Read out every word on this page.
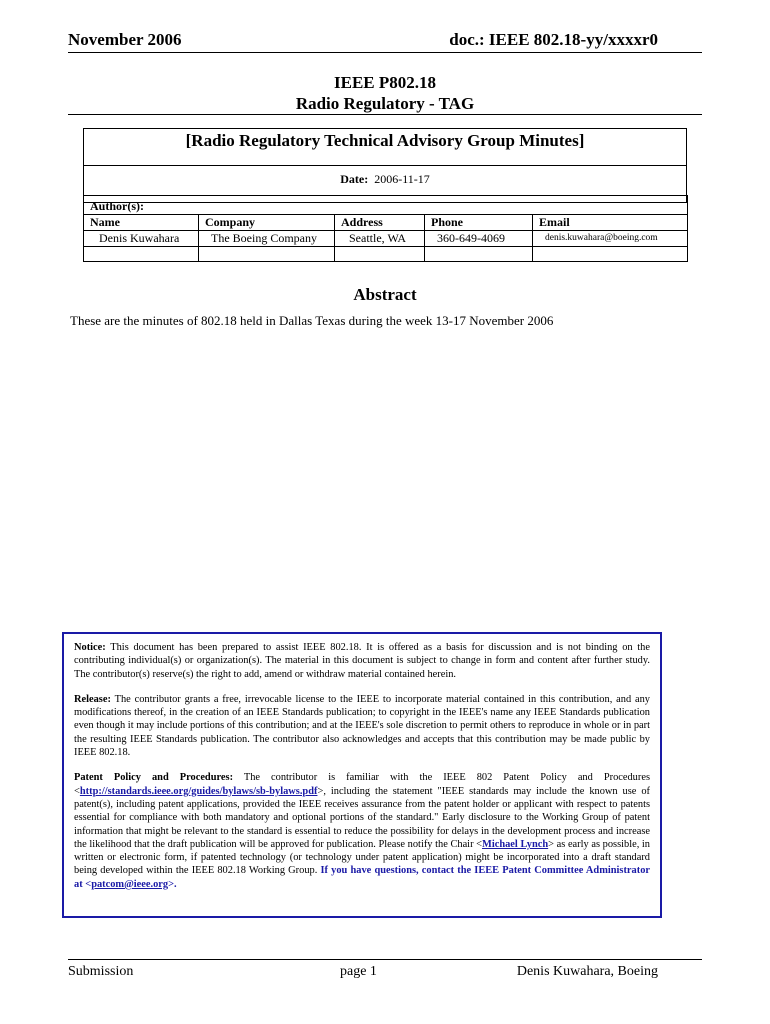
November 2006	doc.: IEEE 802.18-yy/xxxxr0
IEEE P802.18
Radio Regulatory - TAG
[Radio Regulatory Technical Advisory Group Minutes]
Date: 2006-11-17
Author(s):				
Name	Company	Address	Phone	Email
Denis Kuwahara	The Boeing Company	Seattle, WA	360-649-4069	denis.kuwahara@boeing.com

Abstract
These are the minutes of 802.18 held in Dallas Texas during the week 13-17 November 2006

Notice: This document has been prepared to assist IEEE 802.18. It is offered as a basis for discussion and is not binding on the contributing individual(s) or organization(s). The material in this document is subject to change in form and content after further study. The contributor(s) reserve(s) the right to add, amend or withdraw material contained herein.

Release: The contributor grants a free, irrevocable license to the IEEE to incorporate material contained in this contribution, and any modifications thereof, in the creation of an IEEE Standards publication; to copyright in the IEEE's name any IEEE Standards publication even though it may include portions of this contribution; and at the IEEE's sole discretion to permit others to reproduce in whole or in part the resulting IEEE Standards publication. The contributor also acknowledges and accepts that this contribution may be made public by IEEE 802.18.

Patent Policy and Procedures: The contributor is familiar with the IEEE 802 Patent Policy and Procedures <http://standards.ieee.org/guides/bylaws/sb-bylaws.pdf>, including the statement "IEEE standards may include the known use of patent(s), including patent applications, provided the IEEE receives assurance from the patent holder or applicant with respect to patents essential for compliance with both mandatory and optional portions of the standard." Early disclosure to the Working Group of patent information that might be relevant to the standard is essential to reduce the possibility for delays in the development process and increase the likelihood that the draft publication will be approved for publication. Please notify the Chair <Michael Lynch> as early as possible, in written or electronic form, if patented technology (or technology under patent application) might be incorporated into a draft standard being developed within the IEEE 802.18 Working Group. If you have questions, contact the IEEE Patent Committee Administrator at <patcom@ieee.org>.

Submission	page 1	Denis Kuwahara, Boeing
